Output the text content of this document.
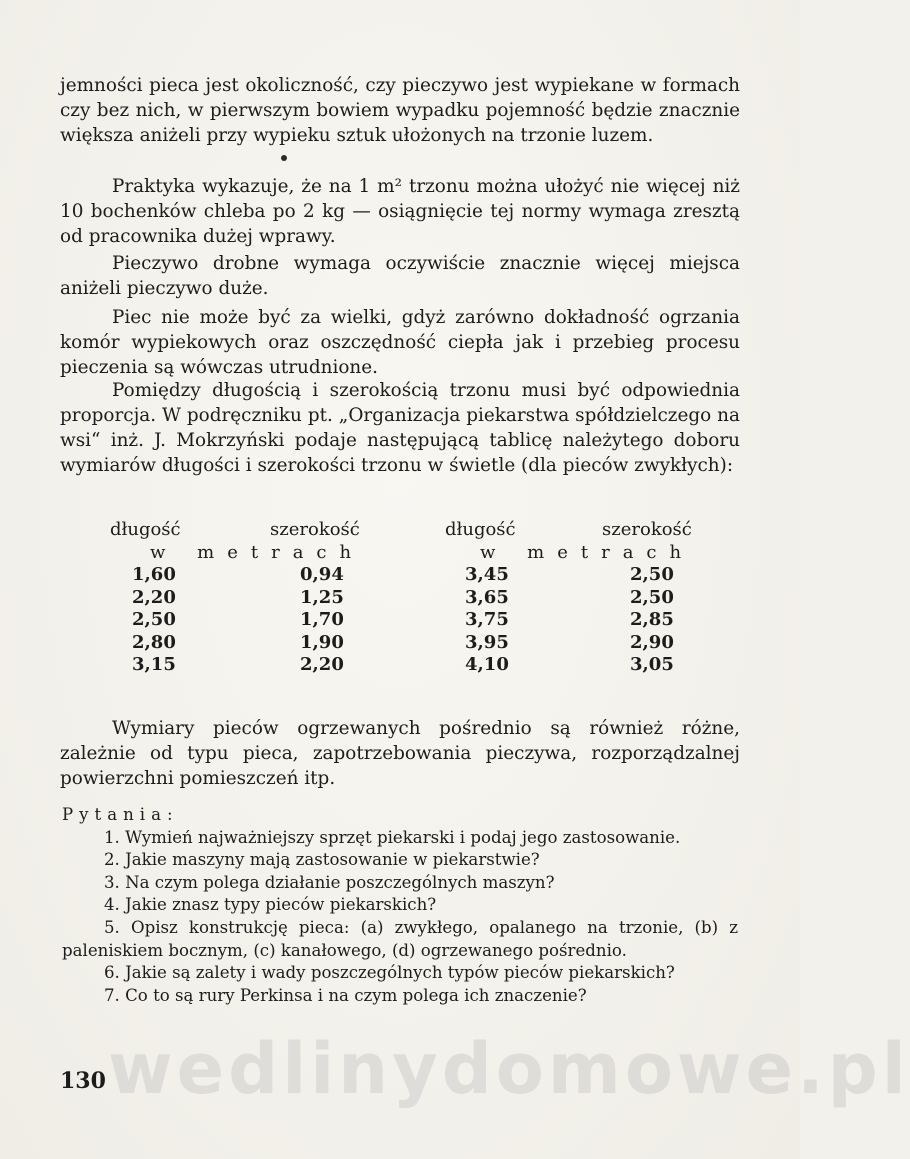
jemności pieca jest okoliczność, czy pieczywo jest wypiekane w formach czy bez nich, w pierwszym bowiem wypadku pojemność będzie znacznie większa aniżeli przy wypieku sztuk ułożonych na trzonie luzem.

Praktyka wykazuje, że na 1 m² trzonu można ułożyć nie więcej niż 10 bochenków chleba po 2 kg — osiągnięcie tej normy wymaga zresztą od pracownika dużej wprawy.

Pieczywo drobne wymaga oczywiście znacznie więcej miejsca aniżeli pieczywo duże.

Piec nie może być za wielki, gdyż zarówno dokładność ogrzania komór wypiekowych oraz oszczędność ciepła jak i przebieg procesu pieczenia są wówczas utrudnione.

Pomiędzy długością i szerokością trzonu musi być odpowiednia proporcja. W podręczniku pt. „Organizacja piekarstwa spółdzielczego na wsi“ inż. J. Mokrzyński podaje następującą tablicę należytego doboru wymiarów długości i szerokości trzonu w świetle (dla pieców zwykłych):

długość	szerokość	długość	szerokość
w metrach	w metrach
1,60	0,94	3,45	2,50
2,20	1,25	3,65	2,50
2,50	1,70	3,75	2,85
2,80	1,90	3,95	2,90
3,15	2,20	4,10	3,05

Wymiary pieców ogrzewanych pośrednio są również różne, zależnie od typu pieca, zapotrzebowania pieczywa, rozporządzalnej powierzchni pomieszczeń itp.

Pytania:

1. Wymień najważniejszy sprzęt piekarski i podaj jego zastosowanie.

2. Jakie maszyny mają zastosowanie w piekarstwie?

3. Na czym polega działanie poszczególnych maszyn?

4. Jakie znasz typy pieców piekarskich?

5. Opisz konstrukcję pieca: (a) zwykłego, opalanego na trzonie, (b) z paleniskiem bocznym, (c) kanałowego, (d) ogrzewanego pośrednio.

6. Jakie są zalety i wady poszczególnych typów pieców piekarskich?

7. Co to są rury Perkinsa i na czym polega ich znaczenie?

wedlinydomowe.pl
130
